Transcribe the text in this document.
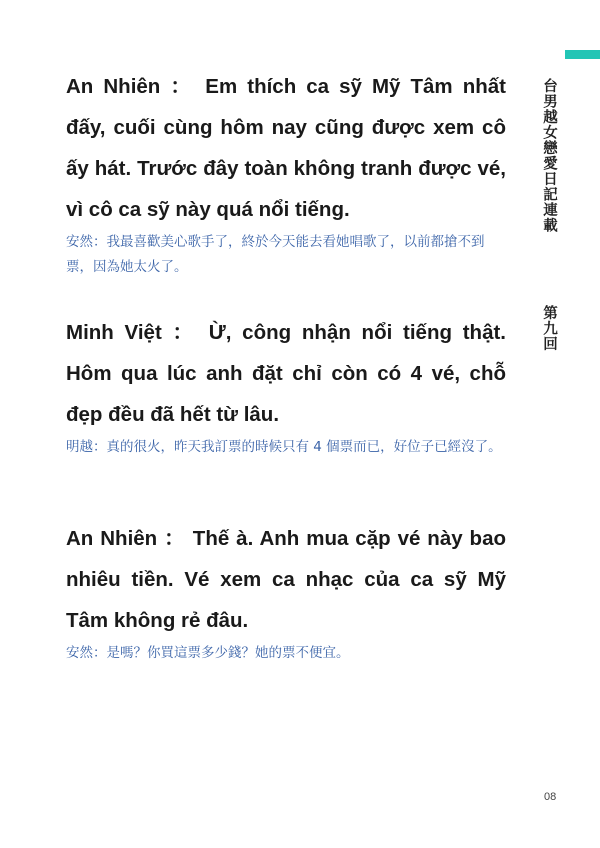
台男越女戀愛日記連載
第九回

An Nhiên ： Em thích ca sỹ Mỹ Tâm nhất đấy, cuối cùng hôm nay cũng được xem cô ấy hát. Trước đây toàn không tranh được vé, vì cô ca sỹ này quá nổi tiếng.

安然：我最喜歡美心歌手了，終於今天能去看她唱歌了，以前都搶不到票，因為她太火了。

Minh Việt ： Ừ, công nhận nổi tiếng thật. Hôm qua lúc anh đặt chỉ còn có 4 vé, chỗ đẹp đều đã hết từ lâu.

明越：真的很火，昨天我訂票的時候只有 4 個票而已，好位子已經沒了。

An Nhiên ： Thế à. Anh mua cặp vé này bao nhiêu tiền. Vé xem ca nhạc của ca sỹ Mỹ Tâm không rẻ đâu.

安然：是嗎？你買這票多少錢？她的票不便宜。

08
